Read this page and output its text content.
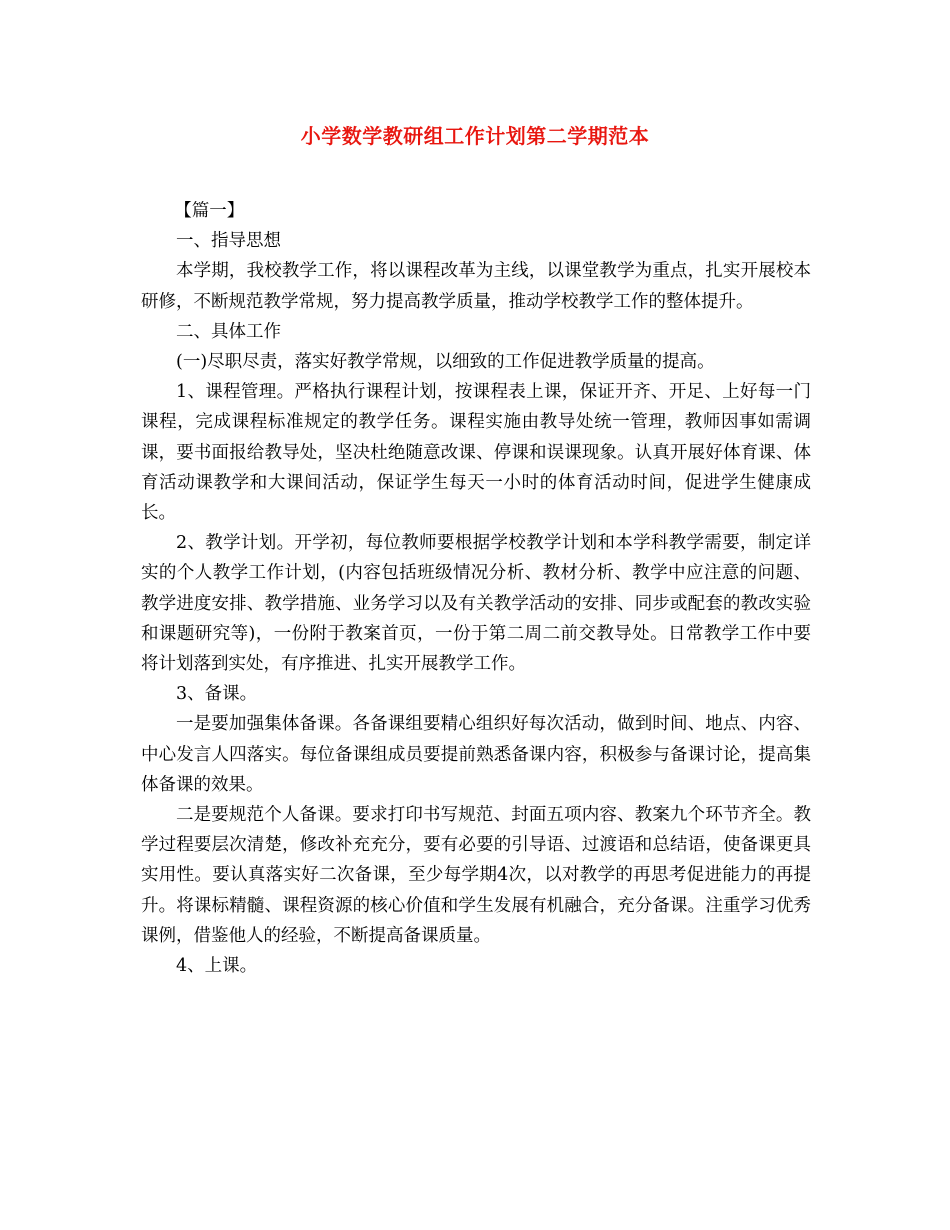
小学数学教研组工作计划第二学期范本

【篇一】

一、指导思想

本学期，我校教学工作，将以课程改革为主线，以课堂教学为重点，扎实开展校本研修，不断规范教学常规，努力提高教学质量，推动学校教学工作的整体提升。

二、具体工作

(一)尽职尽责，落实好教学常规，以细致的工作促进教学质量的提高。

1、课程管理。严格执行课程计划，按课程表上课，保证开齐、开足、上好每一门课程，完成课程标准规定的教学任务。课程实施由教导处统一管理，教师因事如需调课，要书面报给教导处，坚决杜绝随意改课、停课和误课现象。认真开展好体育课、体育活动课教学和大课间活动，保证学生每天一小时的体育活动时间，促进学生健康成长。

2、教学计划。开学初，每位教师要根据学校教学计划和本学科教学需要，制定详实的个人教学工作计划，(内容包括班级情况分析、教材分析、教学中应注意的问题、教学进度安排、教学措施、业务学习以及有关教学活动的安排、同步或配套的教改实验和课题研究等)，一份附于教案首页，一份于第二周二前交教导处。日常教学工作中要将计划落到实处，有序推进、扎实开展教学工作。

3、备课。

一是要加强集体备课。各备课组要精心组织好每次活动，做到时间、地点、内容、中心发言人四落实。每位备课组成员要提前熟悉备课内容，积极参与备课讨论，提高集体备课的效果。

二是要规范个人备课。要求打印书写规范、封面五项内容、教案九个环节齐全。教学过程要层次清楚，修改补充充分，要有必要的引导语、过渡语和总结语，使备课更具实用性。要认真落实好二次备课，至少每学期4次，以对教学的再思考促进能力的再提升。将课标精髓、课程资源的核心价值和学生发展有机融合，充分备课。注重学习优秀课例，借鉴他人的经验，不断提高备课质量。

4、上课。
